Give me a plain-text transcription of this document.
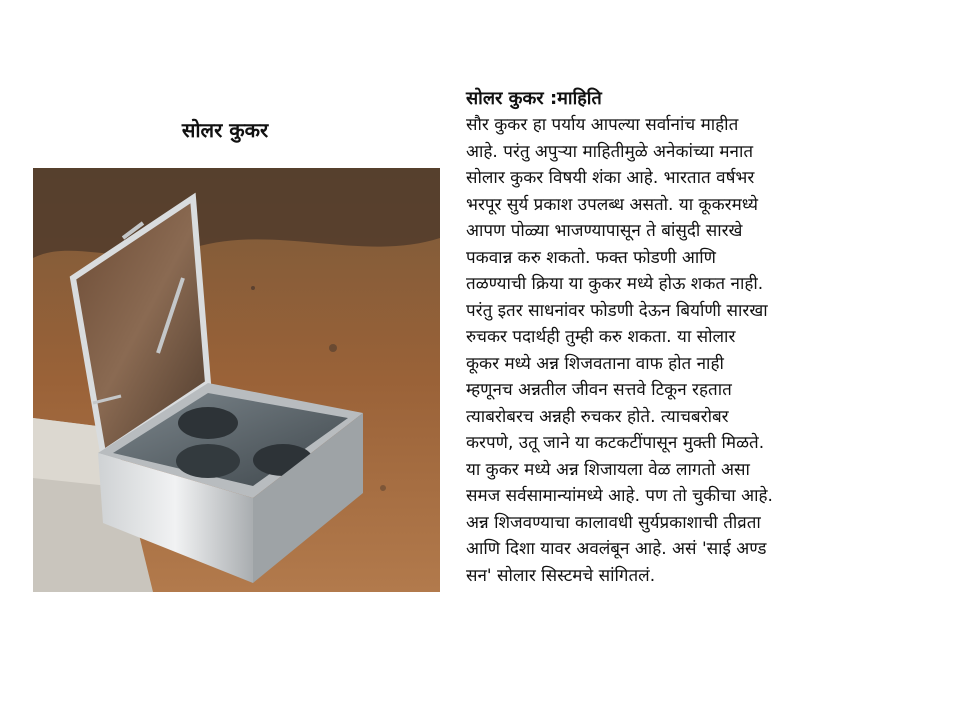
सोलर कुकर
सोलर कुकर :माहिति
सौर कुकर हा पर्याय आपल्या सर्वानांच माहीत
आहे. परंतु अपुऱ्या माहितीमुळे अनेकांच्या मनात
सोलार कुकर विषयी शंका आहे. भारतात वर्षभर
भरपूर सुर्य प्रकाश उपलब्ध असतो. या कूकरमध्ये
आपण पोळ्या भाजण्यापासून ते बांसुदी सारखे
पकवान्न करु शकतो. फक्त फोडणी आणि
तळण्याची क्रिया या कुकर मध्ये होऊ शकत नाही.
परंतु इतर साधनांवर फोडणी देऊन बिर्याणी सारखा
रुचकर पदार्थही तुम्ही करु शकता. या सोलार
कूकर मध्ये अन्न शिजवताना वाफ होत नाही
म्हणूनच अन्नतील जीवन सत्तवे टिकून रहतात
त्याबरोबरच अन्नही रुचकर होते. त्याचबरोबर
करपणे, उतू जाने या कटकटींपासून मुक्ती मिळते.
या कुकर मध्ये अन्न शिजायला वेळ लागतो असा
समज सर्वसामान्यांमध्ये आहे. पण तो चुकीचा आहे.
अन्न शिजवण्याचा कालावधी सुर्यप्रकाशाची तीव्रता
आणि दिशा यावर अवलंबून आहे. असं 'साई अण्ड
सन' सोलार सिस्टमचे सांगितलं.
